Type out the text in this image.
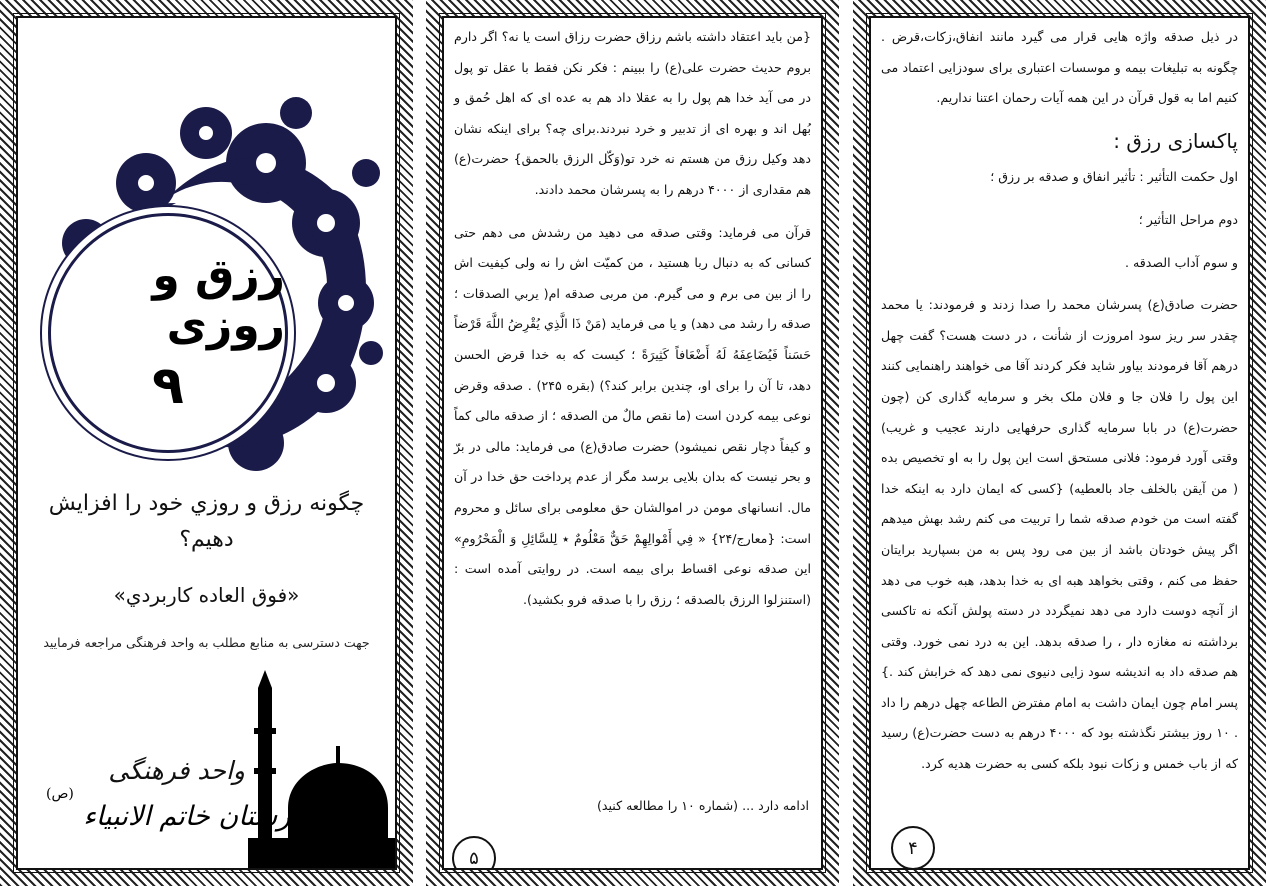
رزق و روزی
۹
چگونه رزق و روزي خود را افزايش دهيم؟
«فوق العاده كاربردي»
جهت دسترسی به منابع مطلب به واحد فرهنگی مراجعه فرمایید
واحد فرهنگی
(ص)
بیمارستان خاتم الانبیاء

{من باید اعتقاد داشته باشم رزاق حضرت رزاق است یا نه؟ اگر دارم بروم حدیث حضرت علی(ع) را ببینم : فکر نکن فقط با عقل تو پول در می آید خدا هم پول را به عقلا داد هم به عده ای که اهل حُمق و بُهل اند و بهره ای از تدبیر و خرد نبردند.برای چه؟ برای اینکه نشان دهد وکیل رزق من هستم نه خرد تو(وَكّل الرزق بالحمق} حضرت(ع) هم مقداری از ۴۰۰۰ درهم را به پسرشان محمد دادند.

قرآن می فرماید: وقتی صدقه می دهید من رشدش می دهم حتی کسانی که به دنبال ربا هستید ، من کمیّت اش را نه ولی کیفیت اش را از بین می برم و می گیرم. من مربی صدقه ام( يربي الصدقات ؛ صدقه را رشد می دهد) و یا می فرماید (مَنْ ذَا الَّذِي يُقْرِضُ اللَّهَ قَرْضاً حَسَناً فَيُضَاعِفَهُ لَهُ أَضْعَافاً كَثِيرَةً ؛ کیست که به خدا قرض الحسن دهد، تا آن را برای او، چندین برابر کند؟) (بقره ۲۴۵) . صدقه وقرض نوعی بیمه کردن است (ما نقص مالٌ من الصدقه ؛ از صدقه مالی کماً و کیفاً دچار نقص نمیشود) حضرت صادق(ع) می فرماید: مالی در برّ و بحر نیست که بدان بلایی برسد مگر از عدم پرداخت حق خدا در آن مال. انسانهای مومن در اموالشان حق معلومی برای سائل و محروم است: {معارج/۲۴} « فِي أَمْوالِهِمْ حَقٌّ مَعْلُومٌ ٭ لِلسَّائِلِ وَ الْمَحْرُومِ» این صدقه نوعی اقساط برای بیمه است. در روایتی آمده است : (استنزلوا الرزق بالصدقه ؛ رزق را با صدقه فرو بکشید).

ادامه دارد ... (شماره ۱۰ را مطالعه کنید)
۵

در ذیل صدقه واژه هایی قرار می گیرد مانند انفاق،زکات،قرض . چگونه به تبلیغات بیمه و موسسات اعتباری برای سودزایی اعتماد می کنیم اما به قول قرآن در این همه آیات رحمان اعتنا نداریم.

پاکسازی رزق :

اول حكمت التأثير : تأثیر انفاق و صدقه بر رزق ؛

دوم مراحل التأثير ؛

و سوم آداب الصدقه .

حضرت صادق(ع) پسرشان محمد را صدا زدند و فرمودند: یا محمد چقدر سر ریز سود امروزت از شأنت ، در دست هست؟ گفت چهل درهم آقا فرمودند بیاور شاید فکر کردند آقا می خواهند راهنمایی کنند این پول را فلان جا و فلان ملک بخر و سرمایه گذاری کن (چون حضرت(ع) در بابا سرمایه گذاری حرفهایی دارند عجیب و غریب) وقتی آورد فرمود: فلانی مستحق است این پول را به او تخصیص بده ( من آيقن بالخلف جاد بالعطيه) {کسی که ایمان دارد به اینکه خدا گفته است من خودم صدقه شما را تربیت می کنم رشد بهش میدهم اگر پیش خودتان باشد از بین می رود پس به من بسپارید برایتان حفظ می کنم ، وقتی بخواهد هبه ای به خدا بدهد، هبه خوب می دهد از آنچه دوست دارد می دهد نمیگردد در دسته پولش آنکه نه تاکسی برداشته نه مغازه دار ، را صدقه بدهد. این به درد نمی خورد. وقتی هم صدقه داد به اندیشه سود زایی دنیوی نمی دهد که خرابش کند .} پسر امام چون ایمان داشت به امام مفترض الطاعه چهل درهم را داد . ۱۰ روز بیشتر نگذشته بود که ۴۰۰۰ درهم به دست حضرت(ع) رسید که از باب خمس و زکات نبود بلکه کسی به حضرت هدیه کرد.

۴
